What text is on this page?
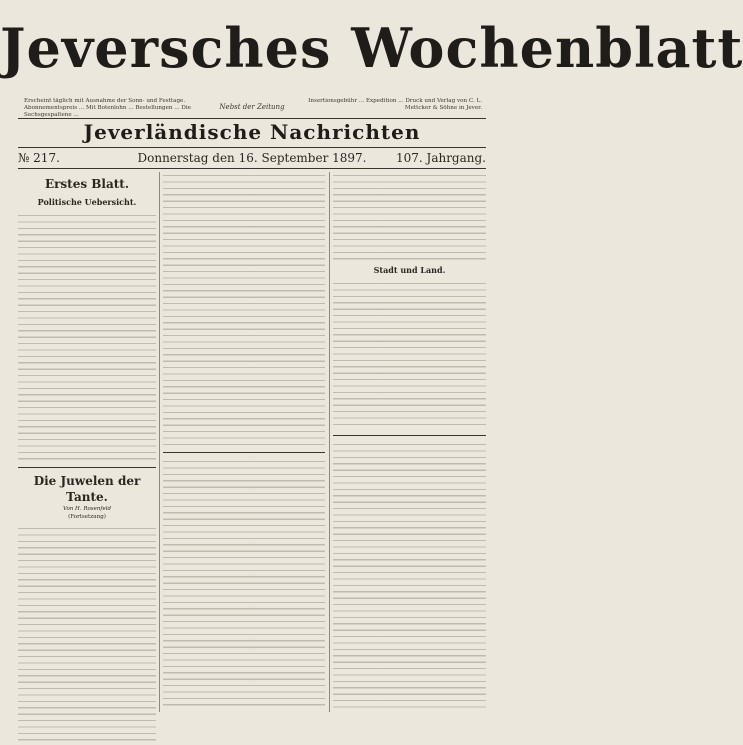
Jeversches Wochenblatt
Erscheint täglich mit Ausnahme der Sonn- und Festtage. Abonnementspreis ... Mit Botenlohn ... Bestellungen ... Die Sechsgespaltene ...
Nebst der Zeitung
Insertionsgebühr ... Expedition ... Druck und Verlag von C. L. Mettcker & Söhne in Jever.
Jeverländische Nachrichten
№ 217.	Donnerstag den 16. September 1897.	107. Jahrgang.
Erstes Blatt.
Politische Uebersicht.
Die Juwelen der Tante.
Von H. Rosenfeld
(Fortsetzung)
Stadt und Land.
